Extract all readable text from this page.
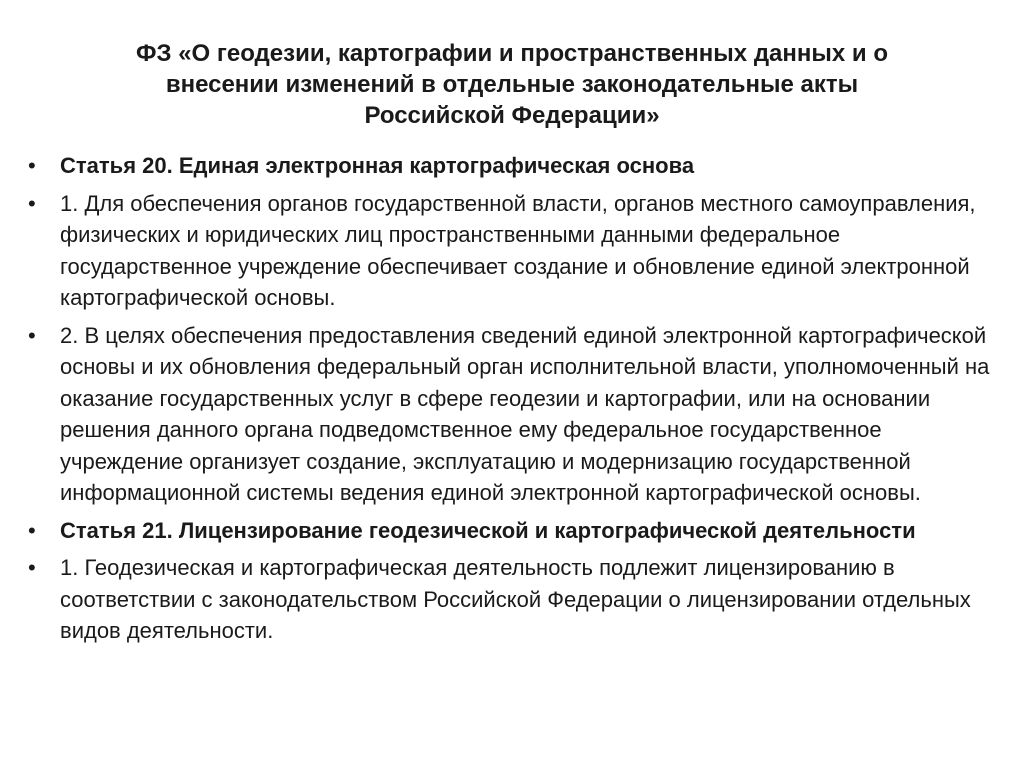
ФЗ «О геодезии, картографии и пространственных данных и о
внесении изменений в отдельные законодательные акты
Российской Федерации»
• Статья 20. Единая электронная картографическая основа
• 1. Для обеспечения органов государственной власти, органов местного самоуправления, физических и юридических лиц пространственными данными федеральное государственное учреждение обеспечивает создание и обновление единой электронной картографической основы.
• 2. В целях обеспечения предоставления сведений единой электронной картографической основы и их обновления федеральный орган исполнительной власти, уполномоченный на оказание государственных услуг в сфере геодезии и картографии, или на основании решения данного органа подведомственное ему федеральное государственное учреждение организует создание, эксплуатацию и модернизацию государственной информационной системы ведения единой электронной картографической основы.
• Статья 21. Лицензирование геодезической и картографической деятельности
• 1. Геодезическая и картографическая деятельность подлежит лицензированию в соответствии с законодательством Российской Федерации о лицензировании отдельных видов деятельности.
